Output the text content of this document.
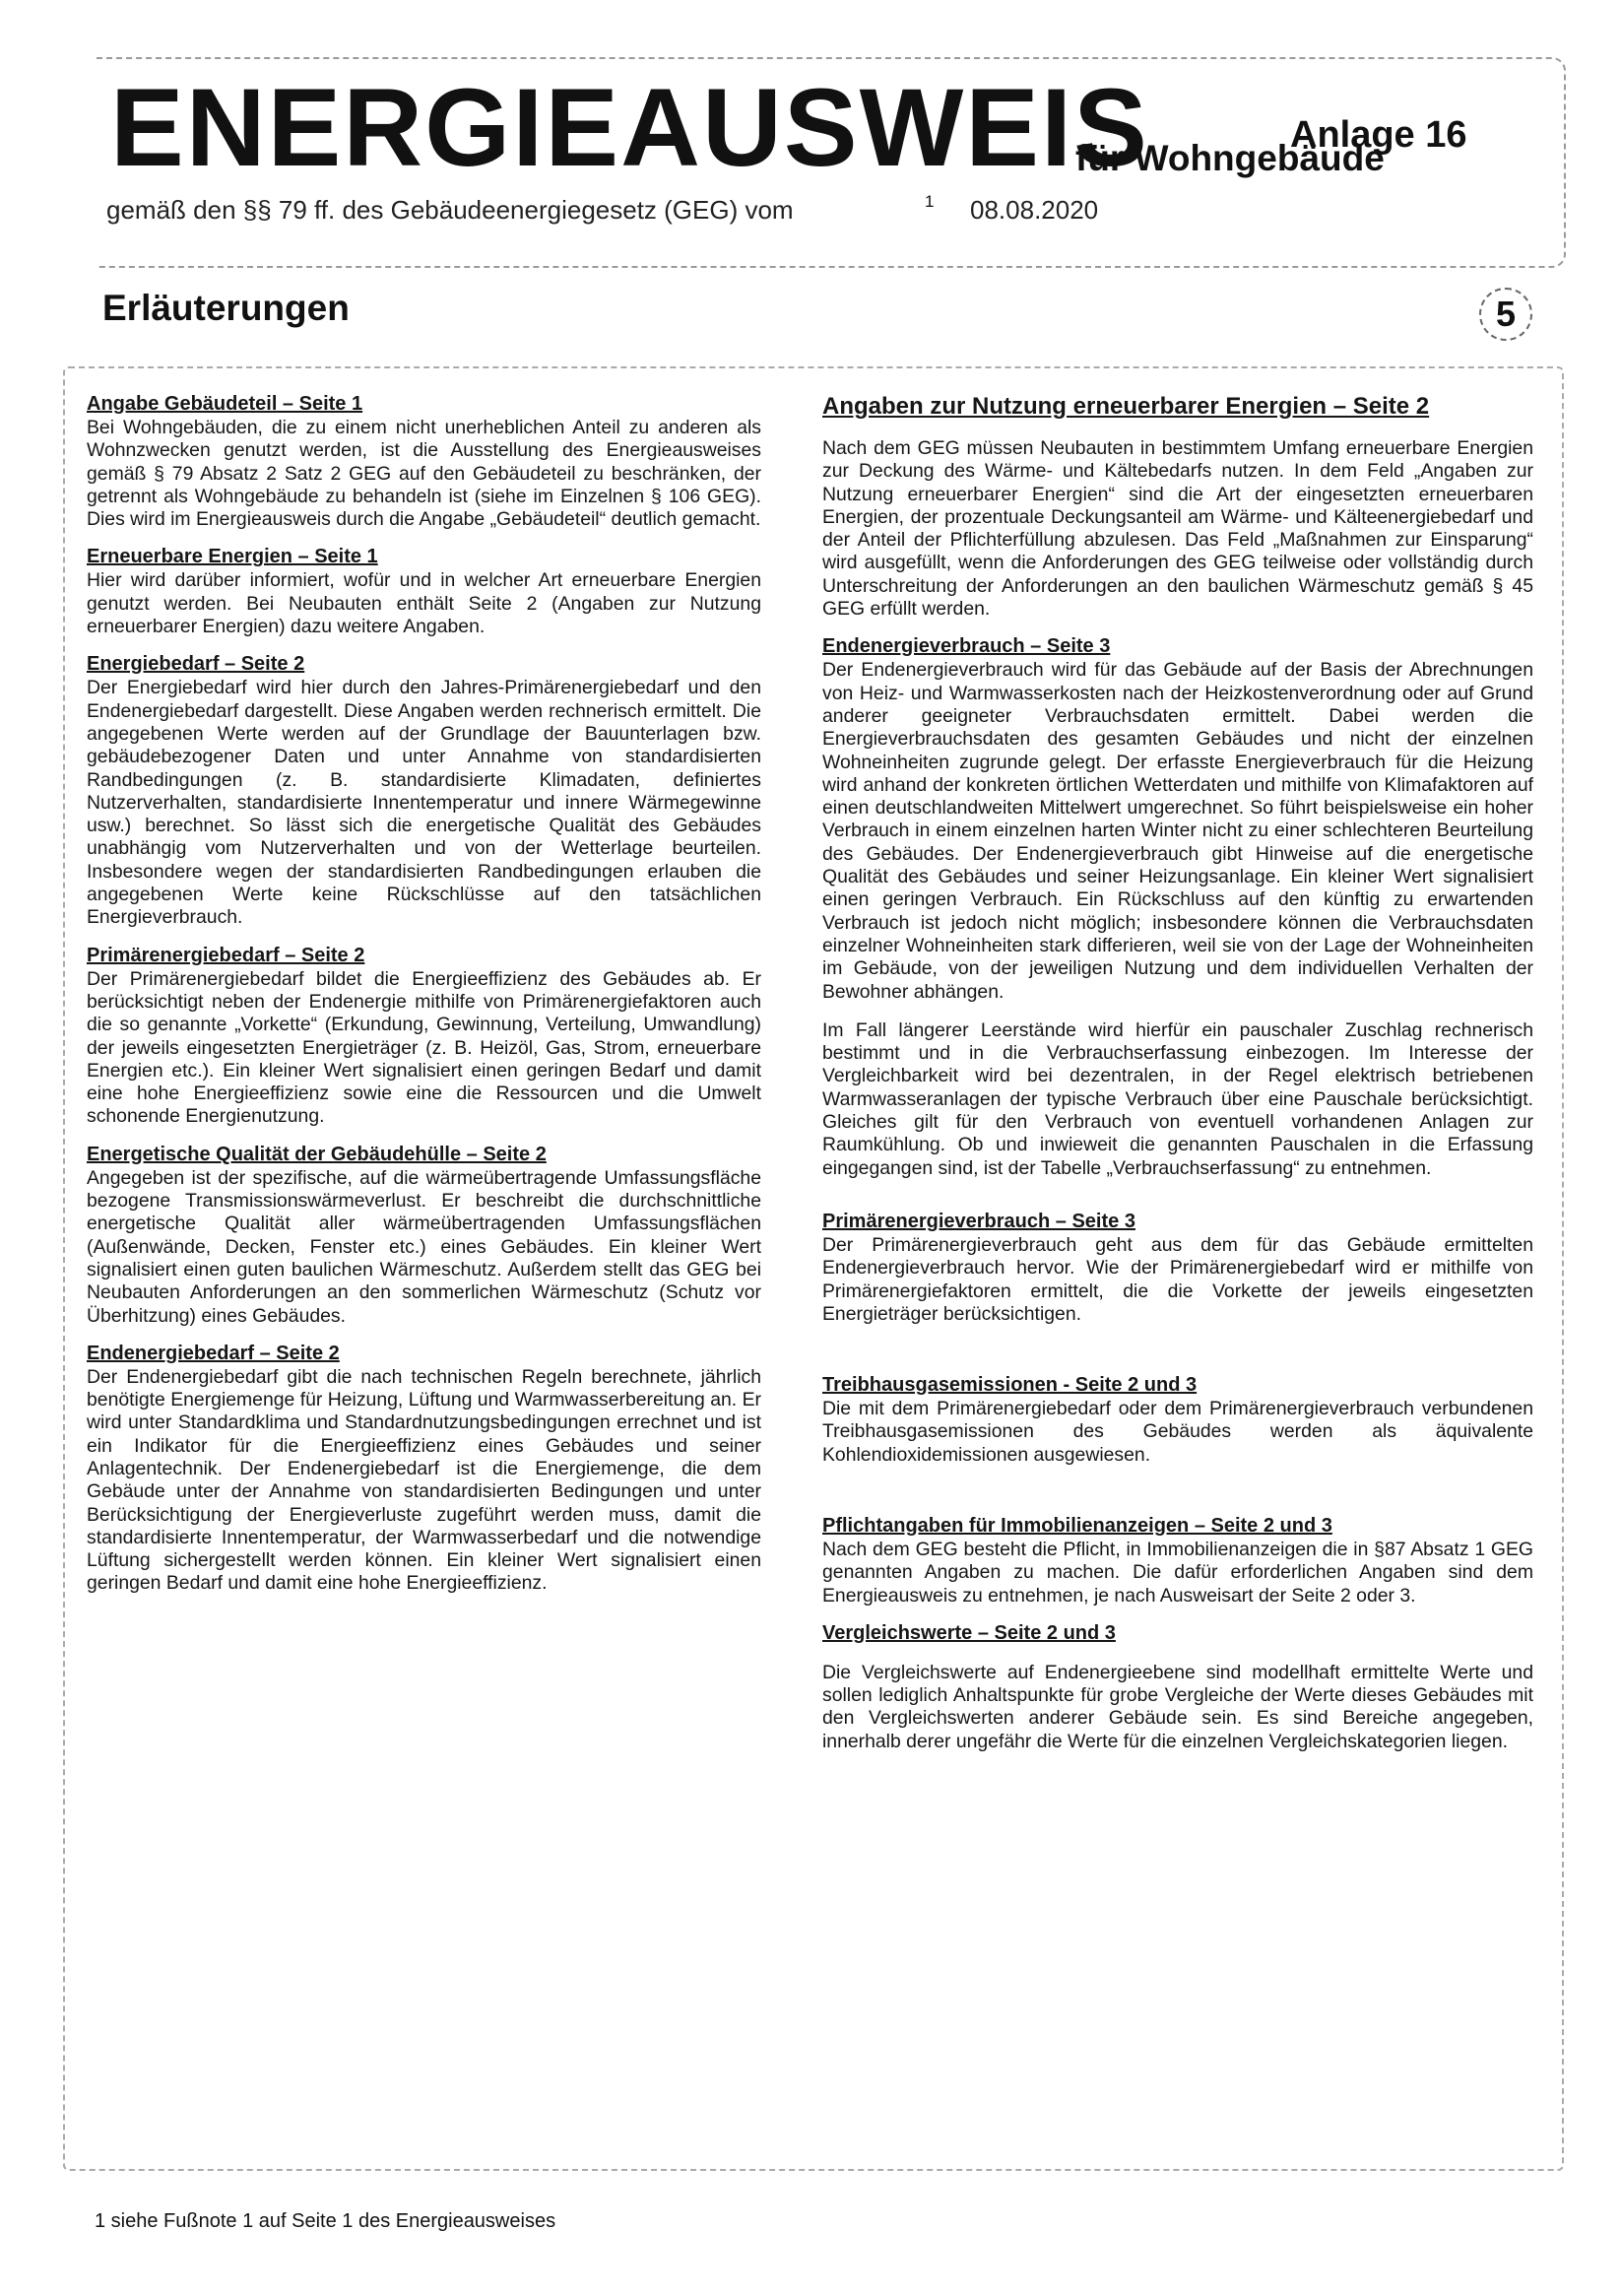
ENERGIEAUSWEIS
für Wohngebäude
Anlage 16
gemäß den §§ 79 ff. des Gebäudeenergiegesetz (GEG) vom	1 08.08.2020
Erläuterungen	5
Angabe Gebäudeteil – Seite 1

Bei Wohngebäuden, die zu einem nicht unerheblichen Anteil zu anderen als Wohnzwecken genutzt werden, ist die Ausstellung des Energieausweises gemäß § 79 Absatz 2 Satz 2 GEG auf den Gebäudeteil zu beschränken, der getrennt als Wohngebäude zu behandeln ist (siehe im Einzelnen § 106 GEG). Dies wird im Energieausweis durch die Angabe „Gebäudeteil“ deutlich gemacht.

Erneuerbare Energien – Seite 1

Hier wird darüber informiert, wofür und in welcher Art erneuerbare Energien genutzt werden. Bei Neubauten enthält Seite 2 (Angaben zur Nutzung erneuerbarer Energien) dazu weitere Angaben.

Energiebedarf – Seite 2

Der Energiebedarf wird hier durch den Jahres-Primärenergiebedarf und den Endenergiebedarf dargestellt. Diese Angaben werden rechnerisch ermittelt. Die angegebenen Werte werden auf der Grundlage der Bauunterlagen bzw. gebäudebezogener Daten und unter Annahme von standardisierten Randbedingungen (z. B. standardisierte Klimadaten, definiertes Nutzerverhalten, standardisierte Innentemperatur und innere Wärmegewinne usw.) berechnet. So lässt sich die energetische Qualität des Gebäudes unabhängig vom Nutzerverhalten und von der Wetterlage beurteilen. Insbesondere wegen der standardisierten Randbedingungen erlauben die angegebenen Werte keine Rückschlüsse auf den tatsächlichen Energieverbrauch.

Primärenergiebedarf – Seite 2

Der Primärenergiebedarf bildet die Energieeffizienz des Gebäudes ab. Er berücksichtigt neben der Endenergie mithilfe von Primärenergiefaktoren auch die so genannte „Vorkette“ (Erkundung, Gewinnung, Verteilung, Umwandlung) der jeweils eingesetzten Energieträger (z. B. Heizöl, Gas, Strom, erneuerbare Energien etc.). Ein kleiner Wert signalisiert einen geringen Bedarf und damit eine hohe Energieeffizienz sowie eine die Ressourcen und die Umwelt schonende Energienutzung.

Energetische Qualität der Gebäudehülle – Seite 2

Angegeben ist der spezifische, auf die wärmeübertragende Umfassungsfläche bezogene Transmissionswärmeverlust. Er beschreibt die durchschnittliche energetische Qualität aller wärmeübertragenden Umfassungsflächen (Außenwände, Decken, Fenster etc.) eines Gebäudes. Ein kleiner Wert signalisiert einen guten baulichen Wärmeschutz. Außerdem stellt das GEG bei Neubauten Anforderungen an den sommerlichen Wärmeschutz (Schutz vor Überhitzung) eines Gebäudes.

Endenergiebedarf – Seite 2

Der Endenergiebedarf gibt die nach technischen Regeln berechnete, jährlich benötigte Energiemenge für Heizung, Lüftung und Warmwasserbereitung an. Er wird unter Standardklima und Standardnutzungsbedingungen errechnet und ist ein Indikator für die Energieeffizienz eines Gebäudes und seiner Anlagentechnik. Der Endenergiebedarf ist die Energiemenge, die dem Gebäude unter der Annahme von standardisierten Bedingungen und unter Berücksichtigung der Energieverluste zugeführt werden muss, damit die standardisierte Innentemperatur, der Warmwasserbedarf und die notwendige Lüftung sichergestellt werden können. Ein kleiner Wert signalisiert einen geringen Bedarf und damit eine hohe Energieeffizienz.

Angaben zur Nutzung erneuerbarer Energien – Seite 2

Nach dem GEG müssen Neubauten in bestimmtem Umfang erneuerbare Energien zur Deckung des Wärme- und Kältebedarfs nutzen. In dem Feld „Angaben zur Nutzung erneuerbarer Energien“ sind die Art der eingesetzten erneuerbaren Energien, der prozentuale Deckungsanteil am Wärme- und Kälteenergiebedarf und der Anteil der Pflichterfüllung abzulesen. Das Feld „Maßnahmen zur Einsparung“ wird ausgefüllt, wenn die Anforderungen des GEG teilweise oder vollständig durch Unterschreitung der Anforderungen an den baulichen Wärmeschutz gemäß § 45 GEG erfüllt werden.

Endenergieverbrauch – Seite 3

Der Endenergieverbrauch wird für das Gebäude auf der Basis der Abrechnungen von Heiz- und Warmwasserkosten nach der Heizkostenverordnung oder auf Grund anderer geeigneter Verbrauchsdaten ermittelt. Dabei werden die Energieverbrauchsdaten des gesamten Gebäudes und nicht der einzelnen Wohneinheiten zugrunde gelegt. Der erfasste Energieverbrauch für die Heizung wird anhand der konkreten örtlichen Wetterdaten und mithilfe von Klimafaktoren auf einen deutschlandweiten Mittelwert umgerechnet. So führt beispielsweise ein hoher Verbrauch in einem einzelnen harten Winter nicht zu einer schlechteren Beurteilung des Gebäudes. Der Endenergieverbrauch gibt Hinweise auf die energetische Qualität des Gebäudes und seiner Heizungsanlage. Ein kleiner Wert signalisiert einen geringen Verbrauch. Ein Rückschluss auf den künftig zu erwartenden Verbrauch ist jedoch nicht möglich; insbesondere können die Verbrauchsdaten einzelner Wohneinheiten stark differieren, weil sie von der Lage der Wohneinheiten im Gebäude, von der jeweiligen Nutzung und dem individuellen Verhalten der Bewohner abhängen.

Im Fall längerer Leerstände wird hierfür ein pauschaler Zuschlag rechnerisch bestimmt und in die Verbrauchserfassung einbezogen. Im Interesse der Vergleichbarkeit wird bei dezentralen, in der Regel elektrisch betriebenen Warmwasseranlagen der typische Verbrauch über eine Pauschale berücksichtigt. Gleiches gilt für den Verbrauch von eventuell vorhandenen Anlagen zur Raumkühlung. Ob und inwieweit die genannten Pauschalen in die Erfassung eingegangen sind, ist der Tabelle „Verbrauchserfassung“ zu entnehmen.

Primärenergieverbrauch – Seite 3

Der Primärenergieverbrauch geht aus dem für das Gebäude ermittelten Endenergieverbrauch hervor. Wie der Primärenergiebedarf wird er mithilfe von Primärenergiefaktoren ermittelt, die die Vorkette der jeweils eingesetzten Energieträger berücksichtigen.

Treibhausgasemissionen - Seite 2 und 3

Die mit dem Primärenergiebedarf oder dem Primärenergieverbrauch verbundenen Treibhausgasemissionen des Gebäudes werden als äquivalente Kohlendioxidemissionen ausgewiesen.

Pflichtangaben für Immobilienanzeigen – Seite 2 und 3

Nach dem GEG besteht die Pflicht, in Immobilienanzeigen die in §87 Absatz 1 GEG genannten Angaben zu machen. Die dafür erforderlichen Angaben sind dem Energieausweis zu entnehmen, je nach Ausweisart der Seite 2 oder 3.

Vergleichswerte – Seite 2 und 3

Die Vergleichswerte auf Endenergieebene sind modellhaft ermittelte Werte und sollen lediglich Anhaltspunkte für grobe Vergleiche der Werte dieses Gebäudes mit den Vergleichswerten anderer Gebäude sein. Es sind Bereiche angegeben, innerhalb derer ungefähr die Werte für die einzelnen Vergleichskategorien liegen.

1 siehe Fußnote 1 auf Seite 1 des Energieausweises
